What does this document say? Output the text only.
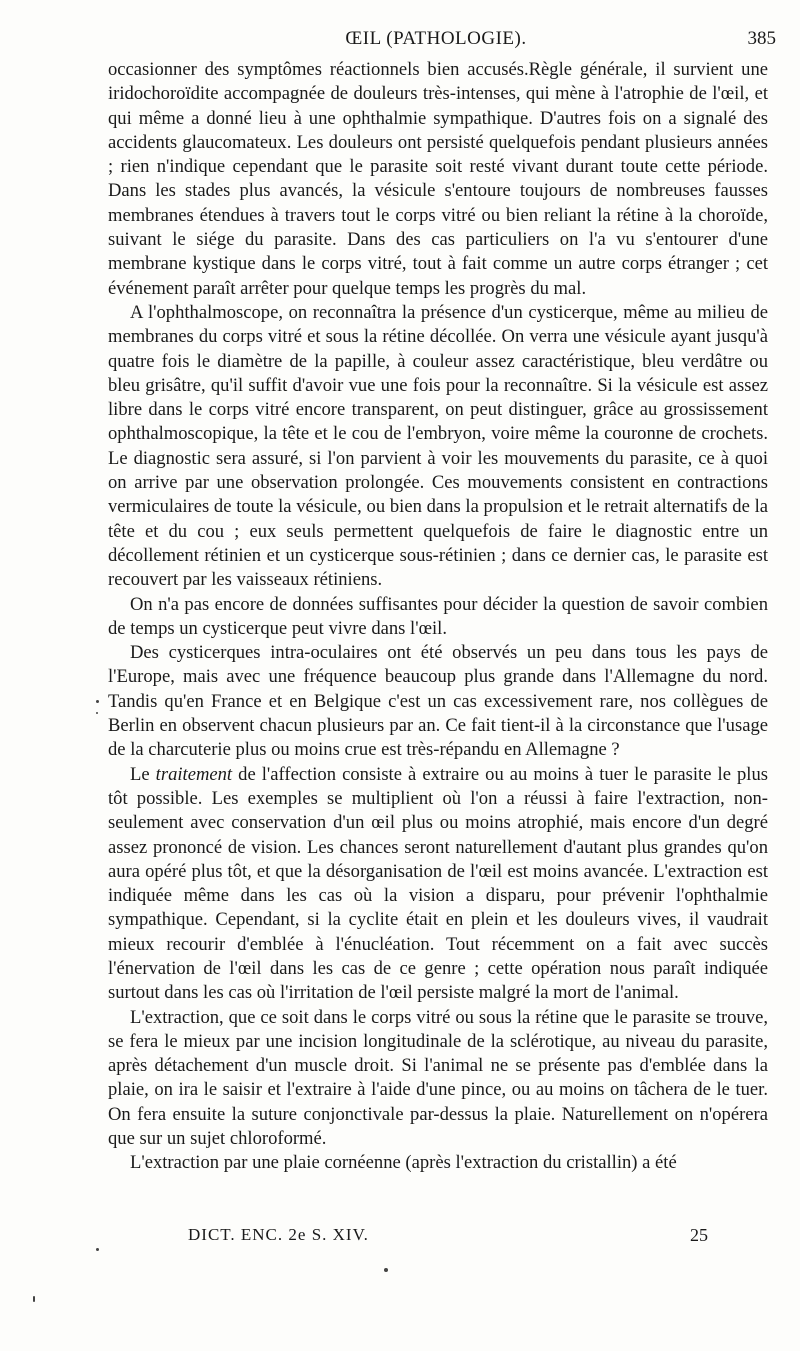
ŒIL (PATHOLOGIE).	385

occasionner des symptômes réactionnels bien accusés.Règle générale, il survient une iridochoroïdite accompagnée de douleurs très-intenses, qui mène à l'atrophie de l'œil, et qui même a donné lieu à une ophthalmie sympathique. D'autres fois on a signalé des accidents glaucomateux. Les douleurs ont persisté quelquefois pendant plusieurs années ; rien n'indique cependant que le parasite soit resté vivant durant toute cette période. Dans les stades plus avancés, la vésicule s'entoure toujours de nombreuses fausses membranes étendues à travers tout le corps vitré ou bien reliant la rétine à la choroïde, suivant le siége du parasite. Dans des cas particuliers on l'a vu s'entourer d'une membrane kystique dans le corps vitré, tout à fait comme un autre corps étranger ; cet événement paraît arrêter pour quelque temps les progrès du mal.

A l'ophthalmoscope, on reconnaîtra la présence d'un cysticerque, même au milieu de membranes du corps vitré et sous la rétine décollée. On verra une vésicule ayant jusqu'à quatre fois le diamètre de la papille, à couleur assez caractéristique, bleu verdâtre ou bleu grisâtre, qu'il suffit d'avoir vue une fois pour la reconnaître. Si la vésicule est assez libre dans le corps vitré encore transparent, on peut distinguer, grâce au grossissement ophthalmoscopique, la tête et le cou de l'embryon, voire même la couronne de crochets. Le diagnostic sera assuré, si l'on parvient à voir les mouvements du parasite, ce à quoi on arrive par une observation prolongée. Ces mouvements consistent en contractions vermiculaires de toute la vésicule, ou bien dans la propulsion et le retrait alternatifs de la tête et du cou ; eux seuls permettent quelquefois de faire le diagnostic entre un décollement rétinien et un cysticerque sous-rétinien ; dans ce dernier cas, le parasite est recouvert par les vaisseaux rétiniens.

On n'a pas encore de données suffisantes pour décider la question de savoir combien de temps un cysticerque peut vivre dans l'œil.

Des cysticerques intra-oculaires ont été observés un peu dans tous les pays de l'Europe, mais avec une fréquence beaucoup plus grande dans l'Allemagne du nord. Tandis qu'en France et en Belgique c'est un cas excessivement rare, nos collègues de Berlin en observent chacun plusieurs par an. Ce fait tient-il à la circonstance que l'usage de la charcuterie plus ou moins crue est très-répandu en Allemagne ?

Le traitement de l'affection consiste à extraire ou au moins à tuer le parasite le plus tôt possible. Les exemples se multiplient où l'on a réussi à faire l'extraction, non-seulement avec conservation d'un œil plus ou moins atrophié, mais encore d'un degré assez prononcé de vision. Les chances seront naturellement d'autant plus grandes qu'on aura opéré plus tôt, et que la désorganisation de l'œil est moins avancée. L'extraction est indiquée même dans les cas où la vision a disparu, pour prévenir l'ophthalmie sympathique. Cependant, si la cyclite était en plein et les douleurs vives, il vaudrait mieux recourir d'emblée à l'énucléation. Tout récemment on a fait avec succès l'énervation de l'œil dans les cas de ce genre ; cette opération nous paraît indiquée surtout dans les cas où l'irritation de l'œil persiste malgré la mort de l'animal.

L'extraction, que ce soit dans le corps vitré ou sous la rétine que le parasite se trouve, se fera le mieux par une incision longitudinale de la sclérotique, au niveau du parasite, après détachement d'un muscle droit. Si l'animal ne se présente pas d'emblée dans la plaie, on ira le saisir et l'extraire à l'aide d'une pince, ou au moins on tâchera de le tuer. On fera ensuite la suture conjonctivale par-dessus la plaie. Naturellement on n'opérera que sur un sujet chloroformé.

L'extraction par une plaie cornéenne (après l'extraction du cristallin) a été

DICT. ENC. 2e S. XIV.	25
